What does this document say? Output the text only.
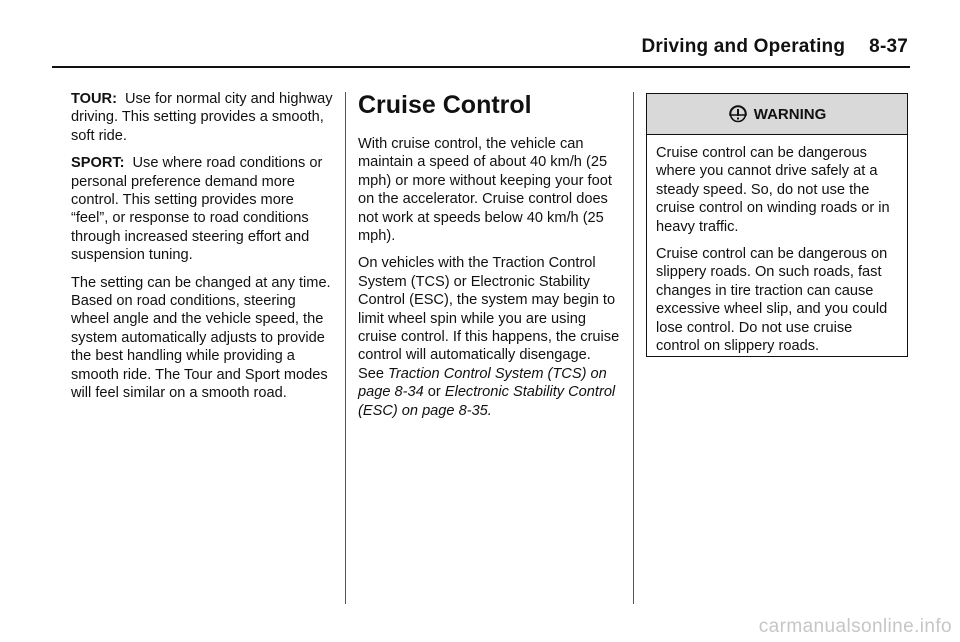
Driving and Operating 8-37

TOUR: Use for normal city and highway driving. This setting provides a smooth, soft ride.

SPORT: Use where road conditions or personal preference demand more control. This setting provides more “feel”, or response to road conditions through increased steering effort and suspension tuning.

The setting can be changed at any time. Based on road conditions, steering wheel angle and the vehicle speed, the system automatically adjusts to provide the best handling while providing a smooth ride. The Tour and Sport modes will feel similar on a smooth road.

Cruise Control

With cruise control, the vehicle can maintain a speed of about 40 km/h (25 mph) or more without keeping your foot on the accelerator. Cruise control does not work at speeds below 40 km/h (25 mph).

On vehicles with the Traction Control System (TCS) or Electronic Stability Control (ESC), the system may begin to limit wheel spin while you are using cruise control. If this happens, the cruise control will automatically disengage. See Traction Control System (TCS) on page 8-34 or Electronic Stability Control (ESC) on page 8-35.

WARNING

Cruise control can be dangerous where you cannot drive safely at a steady speed. So, do not use the cruise control on winding roads or in heavy traffic.

Cruise control can be dangerous on slippery roads. On such roads, fast changes in tire traction can cause excessive wheel slip, and you could lose control. Do not use cruise control on slippery roads.

carmanualsonline.info
